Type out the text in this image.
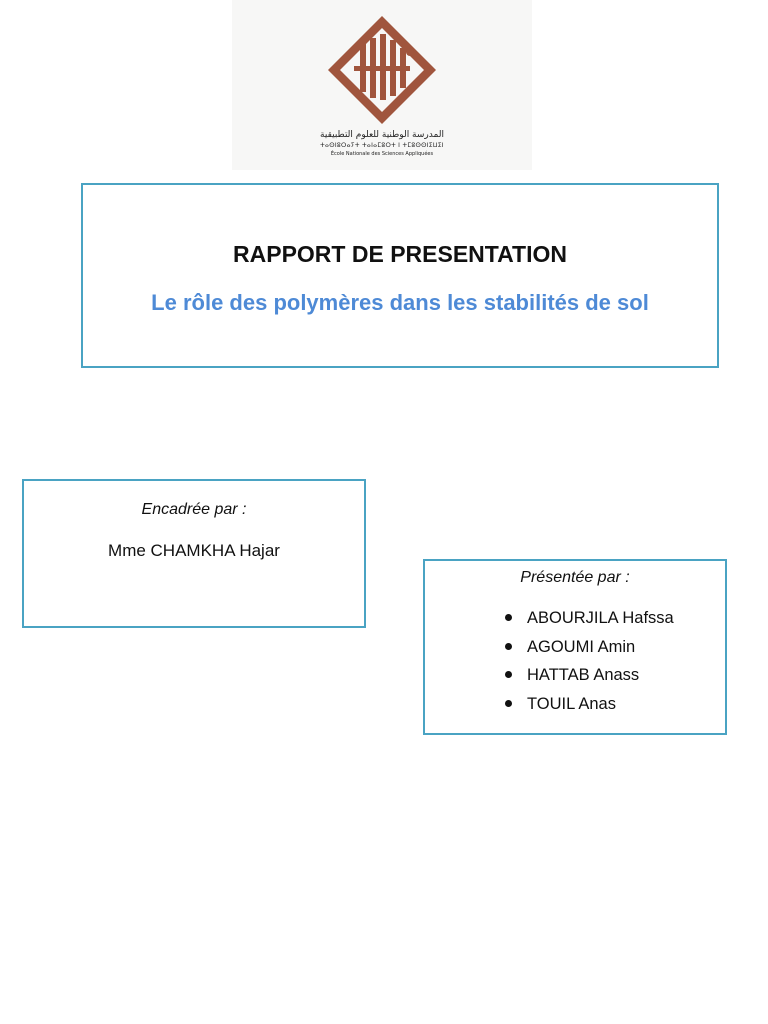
المدرسة الوطنية للعلوم التطبيقية
ⵜⴰⵙⵏⵓⵔⴰⵢⵜ ⵜⴰⵏⴰⵎⵓⵔⵜ ⵏ ⵜⵎⵓⵙⵙⵏⵉⵡⵉⵏ
École Nationale des Sciences Appliquées
RAPPORT DE PRESENTATION
Le rôle des polymères dans les stabilités de sol
Encadrée par :
Mme CHAMKHA Hajar
Présentée par :
ABOURJILA Hafssa
AGOUMI Amin
HATTAB Anass
TOUIL Anas
